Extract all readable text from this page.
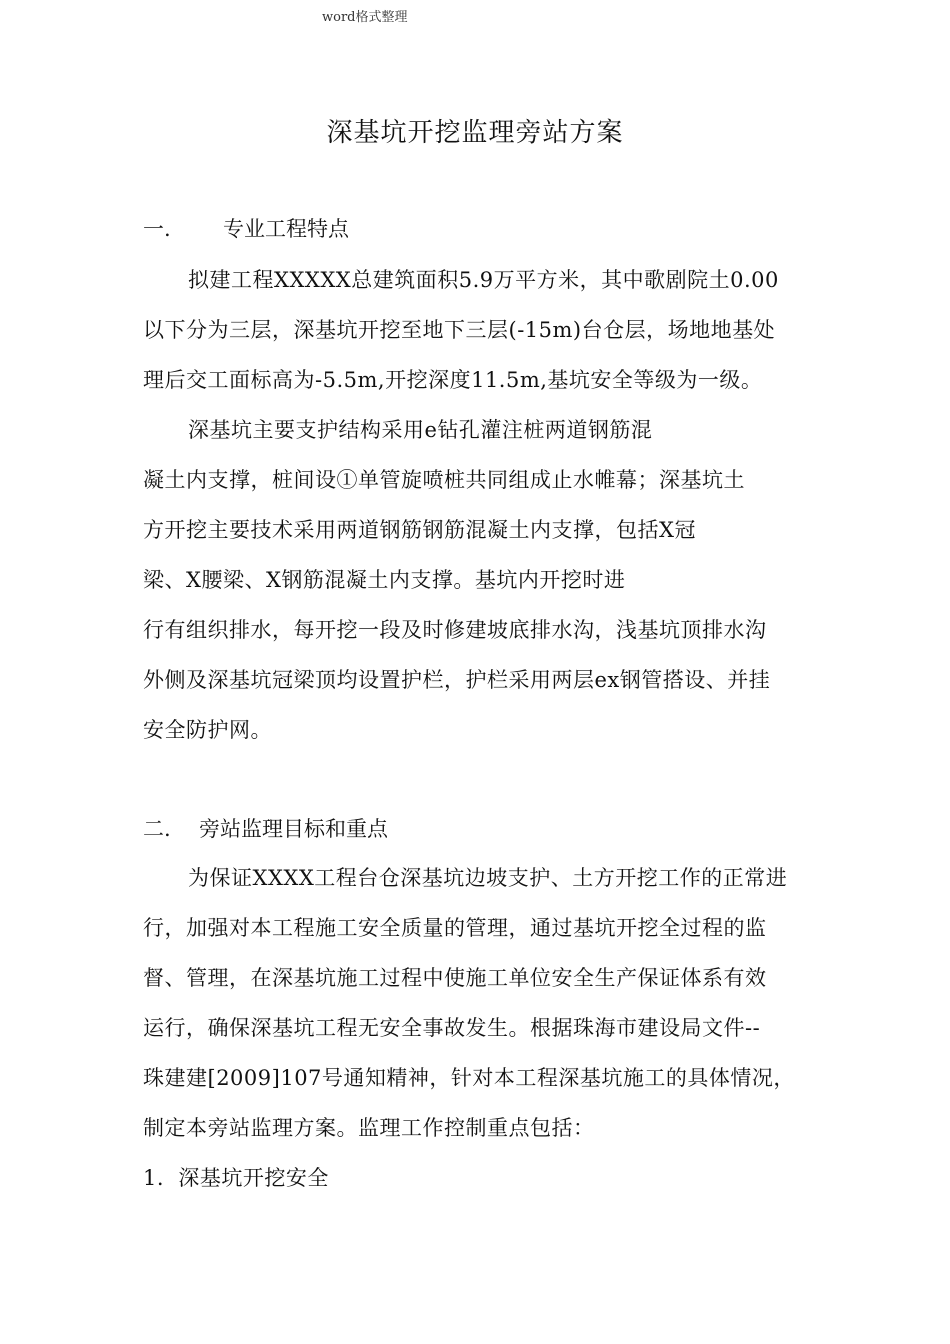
word格式整理
深基坑开挖监理旁站方案
一. 专业工程特点
拟建工程XXXXX总建筑面积5.9万平方米，其中歌剧院土0.00
以下分为三层，深基坑开挖至地下三层(-15m)台仓层，场地地基处
理后交工面标高为-5.5m,开挖深度11.5m,基坑安全等级为一级。
深基坑主要支护结构采用e钻孔灌注桩两道钢筋混
凝土内支撑，桩间设①单管旋喷桩共同组成止水帷幕；深基坑土
方开挖主要技术采用两道钢筋钢筋混凝土内支撑，包括X冠
梁、X腰梁、X钢筋混凝土内支撑。基坑内开挖时进
行有组织排水，每开挖一段及时修建坡底排水沟，浅基坑顶排水沟
外侧及深基坑冠梁顶均设置护栏，护栏采用两层ex钢管搭设、并挂
安全防护网。
二. 旁站监理目标和重点
为保证XXXX工程台仓深基坑边坡支护、土方开挖工作的正常进
行，加强对本工程施工安全质量的管理，通过基坑开挖全过程的监
督、管理，在深基坑施工过程中使施工单位安全生产保证体系有效
运行，确保深基坑工程无安全事故发生。根据珠海市建设局文件--
珠建建[2009]107号通知精神，针对本工程深基坑施工的具体情况，
制定本旁站监理方案。监理工作控制重点包括：
1.  深基坑开挖安全
